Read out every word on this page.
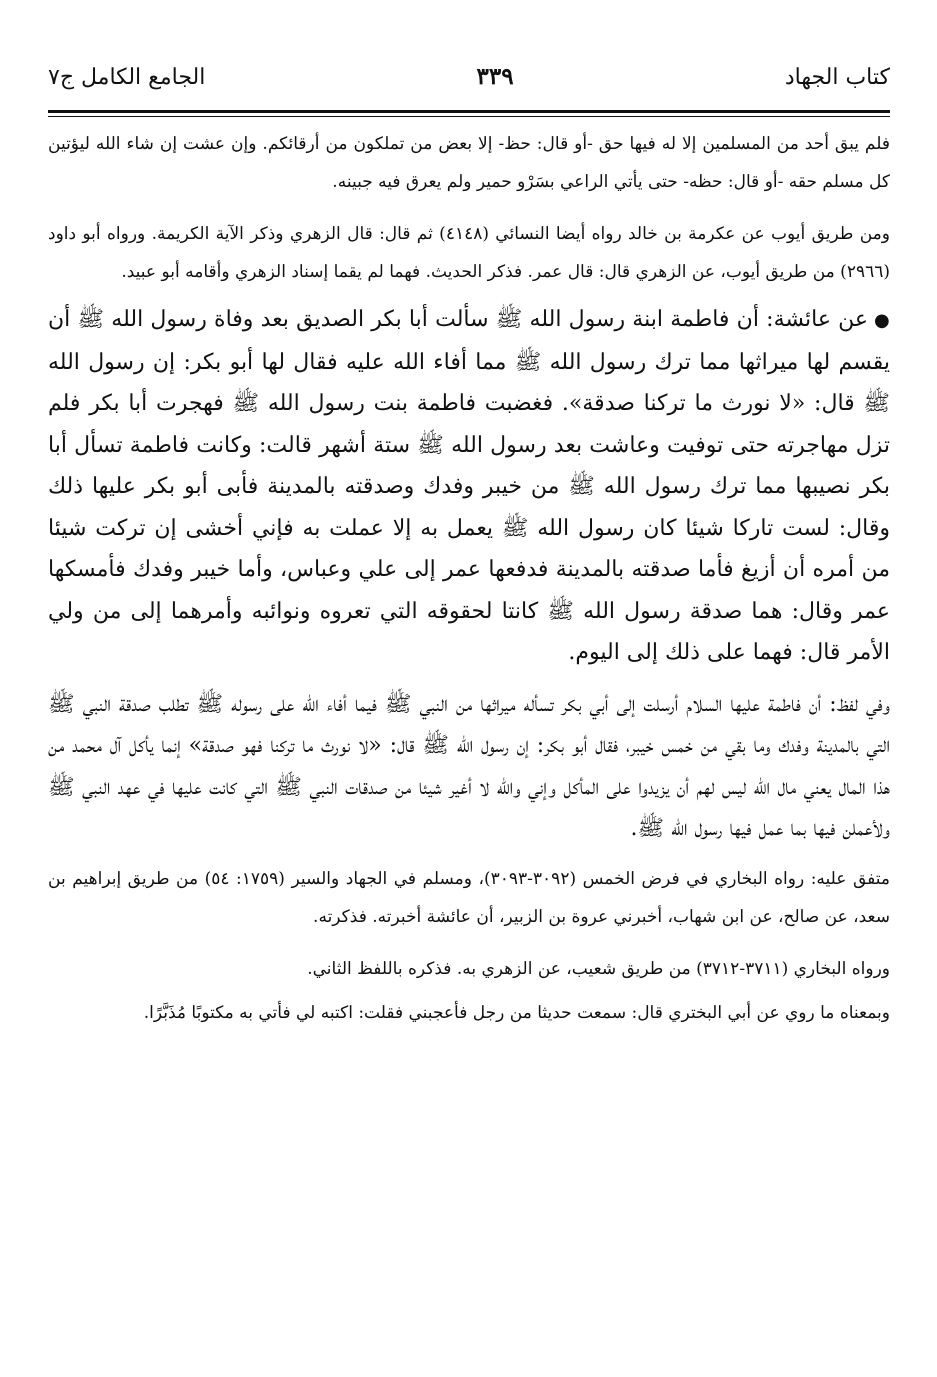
كتاب الجهاد
٣٣٩
الجامع الكامل ج٧

فلم يبق أحد من المسلمين إلا له فيها حق -أو قال: حظ- إلا بعض من تملكون من أرقائكم. وإن عشت إن شاء الله ليؤتين كل مسلم حقه -أو قال: حظه- حتى يأتي الراعي بسَرْو حمير ولم يعرق فيه جبينه.

ومن طريق أيوب عن عكرمة بن خالد رواه أيضا النسائي (٤١٤٨) ثم قال: قال الزهري وذكر الآية الكريمة. ورواه أبو داود (٢٩٦٦) من طريق أيوب، عن الزهري قال: قال عمر. فذكر الحديث. فهما لم يقما إسناد الزهري وأقامه أبو عبيد.

●عن عائشة: أن فاطمة ابنة رسول الله ﷺ سألت أبا بكر الصديق بعد وفاة رسول الله ﷺ أن يقسم لها ميراثها مما ترك رسول الله ﷺ مما أفاء الله عليه فقال لها أبو بكر: إن رسول الله ﷺ قال: «لا نورث ما تركنا صدقة». فغضبت فاطمة بنت رسول الله ﷺ فهجرت أبا بكر فلم تزل مهاجرته حتى توفيت وعاشت بعد رسول الله ﷺ ستة أشهر قالت: وكانت فاطمة تسأل أبا بكر نصيبها مما ترك رسول الله ﷺ من خيبر وفدك وصدقته بالمدينة فأبى أبو بكر عليها ذلك وقال: لست تاركا شيئا كان رسول الله ﷺ يعمل به إلا عملت به فإني أخشى إن تركت شيئا من أمره أن أزيغ فأما صدقته بالمدينة فدفعها عمر إلى علي وعباس، وأما خيبر وفدك فأمسكها عمر وقال: هما صدقة رسول الله ﷺ كانتا لحقوقه التي تعروه ونوائبه وأمرهما إلى من ولي الأمر قال: فهما على ذلك إلى اليوم.

وفي لفظ: أن فاطمة عليها السلام أرسلت إلى أبي بكر تسأله ميراثها من النبي ﷺ فيما أفاء الله على رسوله ﷺ تطلب صدقة النبي ﷺ التي بالمدينة وفدك وما بقي من خمس خيبر، فقال أبو بكر: إن رسول الله ﷺ قال: «لا نورث ما تركنا فهو صدقة» إنما يأكل آل محمد من هذا المال يعني مال الله ليس لهم أن يزيدوا على المأكل وإني والله لا أغير شيئا من صدقات النبي ﷺ التي كانت عليها في عهد النبي ﷺ ولأعملن فيها بما عمل فيها رسول الله ﷺ.

متفق عليه: رواه البخاري في فرض الخمس (٣٠٩٢-٣٠٩٣)، ومسلم في الجهاد والسير (١٧٥٩: ٥٤) من طريق إبراهيم بن سعد، عن صالح، عن ابن شهاب، أخبرني عروة بن الزبير، أن عائشة أخبرته. فذكرته.

ورواه البخاري (٣٧١١-٣٧١٢) من طريق شعيب، عن الزهري به. فذكره باللفظ الثاني.

وبمعناه ما روي عن أبي البختري قال: سمعت حديثا من رجل فأعجبني فقلت: اكتبه لي فأتي به مكتوبًا مُذَبَّرًا.
